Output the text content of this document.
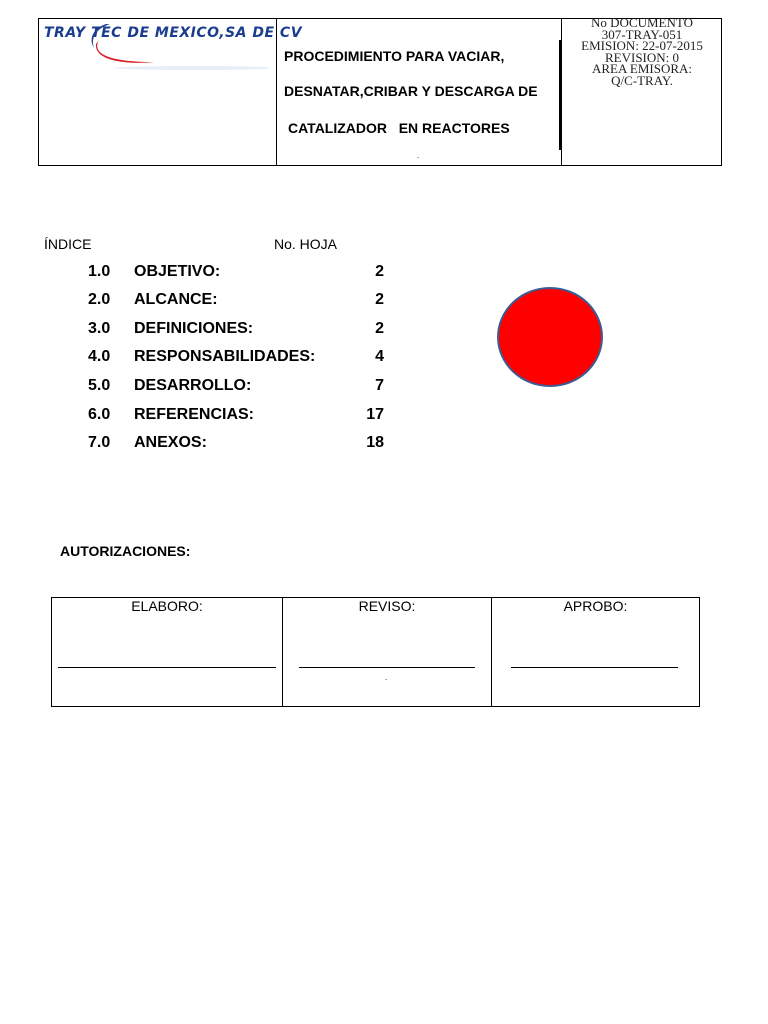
TRAY TEC DE MEXICO,SA DE CV
PROCEDIMIENTO PARA VACIAR,
DESNATAR,CRIBAR Y DESCARGA DE
CATALIZADOR   EN REACTORES
.
No DOCUMENTO
307-TRAY-051
EMISION: 22-07-2015
REVISION: 0
AREA EMISORA:
Q/C-TRAY.
ÍNDICE	No. HOJA
1.0 OBJETIVO:	2
2.0 ALCANCE:	2
3.0 DEFINICIONES:	2
4.0 RESPONSABILIDADES:	4
5.0 DESARROLLO:	7
6.0 REFERENCIAS:	17
7.0 ANEXOS:	18
AUTORIZACIONES:
ELABORO:	REVISO:	APROBO:
.
